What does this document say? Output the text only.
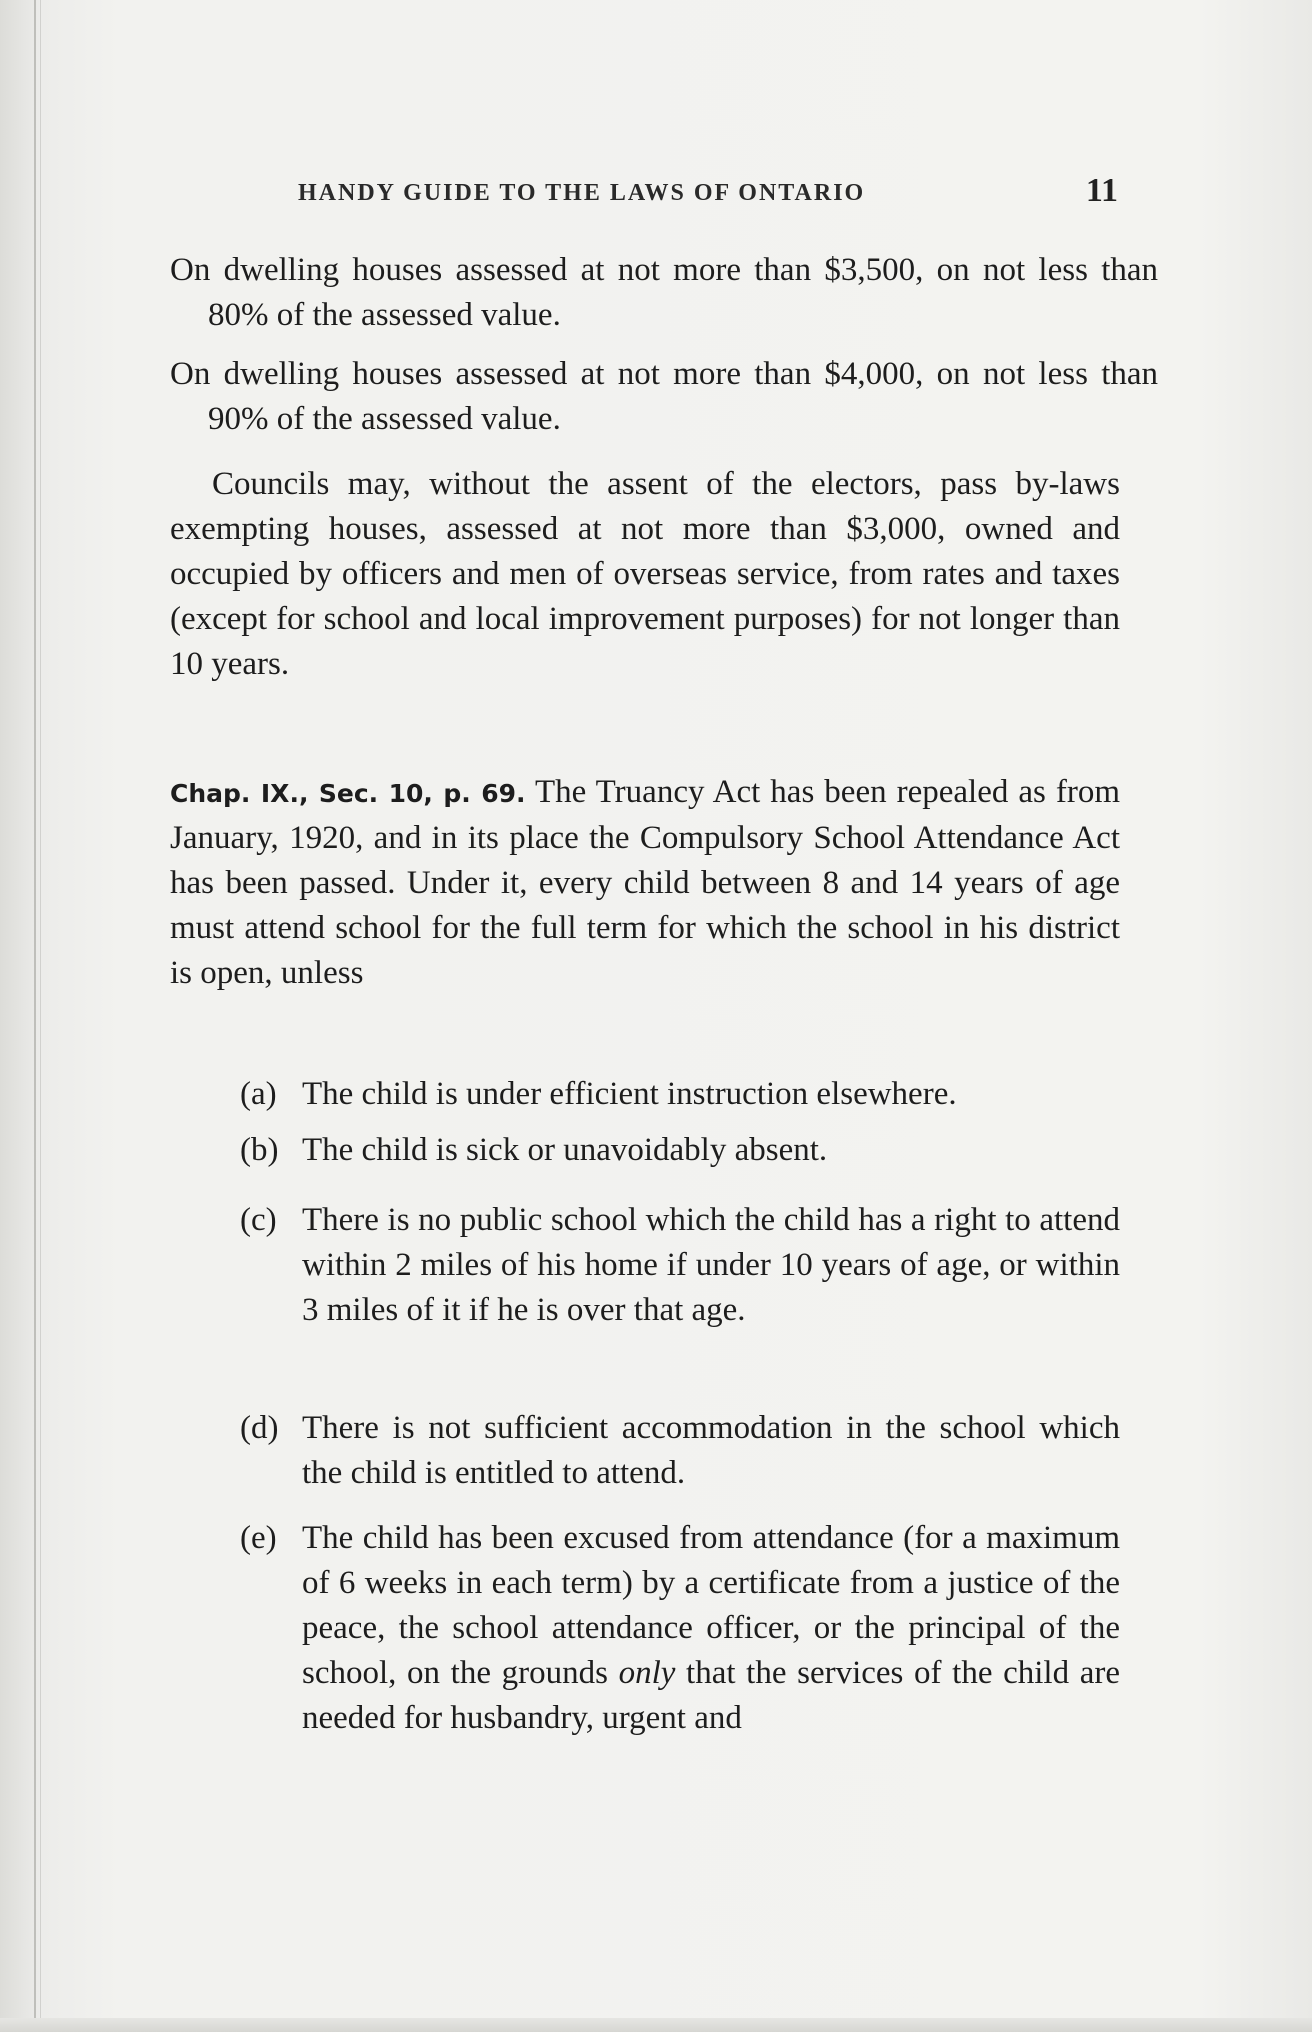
HANDY GUIDE TO THE LAWS OF ONTARIO	11
On dwelling houses assessed at not more than $3,500, on not less than 80% of the assessed value.
On dwelling houses assessed at not more than $4,000, on not less than 90% of the assessed value.
Councils may, without the assent of the electors, pass by-laws exempting houses, assessed at not more than $3,000, owned and occupied by officers and men of overseas service, from rates and taxes (except for school and local improvement purposes) for not longer than 10 years.
Chap. IX., Sec. 10, p. 69. The Truancy Act has been repealed as from January, 1920, and in its place the Compulsory School Attendance Act has been passed. Under it, every child between 8 and 14 years of age must attend school for the full term for which the school in his district is open, unless
(a) The child is under efficient instruction elsewhere.
(b) The child is sick or unavoidably absent.
(c) There is no public school which the child has a right to attend within 2 miles of his home if under 10 years of age, or within 3 miles of it if he is over that age.
(d) There is not sufficient accommodation in the school which the child is entitled to attend.
(e) The child has been excused from attendance (for a maximum of 6 weeks in each term) by a certificate from a justice of the peace, the school attendance officer, or the principal of the school, on the grounds only that the services of the child are needed for husbandry, urgent and
